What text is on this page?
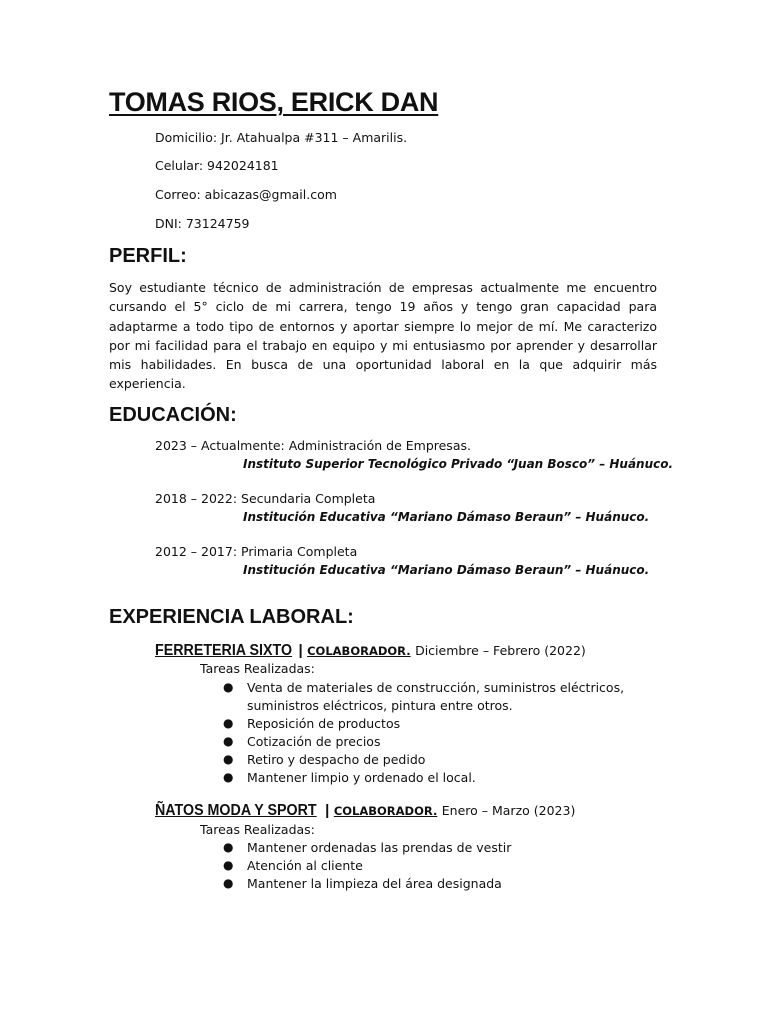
TOMAS RIOS, ERICK DAN
Domicilio: Jr. Atahualpa #311 – Amarilis.
Celular: 942024181
Correo: abicazas@gmail.com
DNI: 73124759
PERFIL:

Soy estudiante técnico de administración de empresas actualmente me encuentro cursando el 5° ciclo de mi carrera, tengo 19 años y tengo gran capacidad para adaptarme a todo tipo de entornos y aportar siempre lo mejor de mí. Me caracterizo por mi facilidad para el trabajo en equipo y mi entusiasmo por aprender y desarrollar mis habilidades. En busca de una oportunidad laboral en la que adquirir más experiencia.

EDUCACIÓN:
2023 – Actualmente: Administración de Empresas.
Instituto Superior Tecnológico Privado “Juan Bosco” – Huánuco.
2018 – 2022: Secundaria Completa
Institución Educativa “Mariano Dámaso Beraun” – Huánuco.
2012 – 2017: Primaria Completa
Institución Educativa “Mariano Dámaso Beraun” – Huánuco.
EXPERIENCIA LABORAL:
FERRETERIA SIXTO | COLABORADOR. Diciembre – Febrero (2022)
Tareas Realizadas:
● Venta de materiales de construcción, suministros eléctricos, suministros eléctricos, pintura entre otros.
● Reposición de productos
● Cotización de precios
● Retiro y despacho de pedido
● Mantener limpio y ordenado el local.
ÑATOS MODA Y SPORT | COLABORADOR. Enero – Marzo (2023)
Tareas Realizadas:
● Mantener ordenadas las prendas de vestir
● Atención al cliente
● Mantener la limpieza del área designada
